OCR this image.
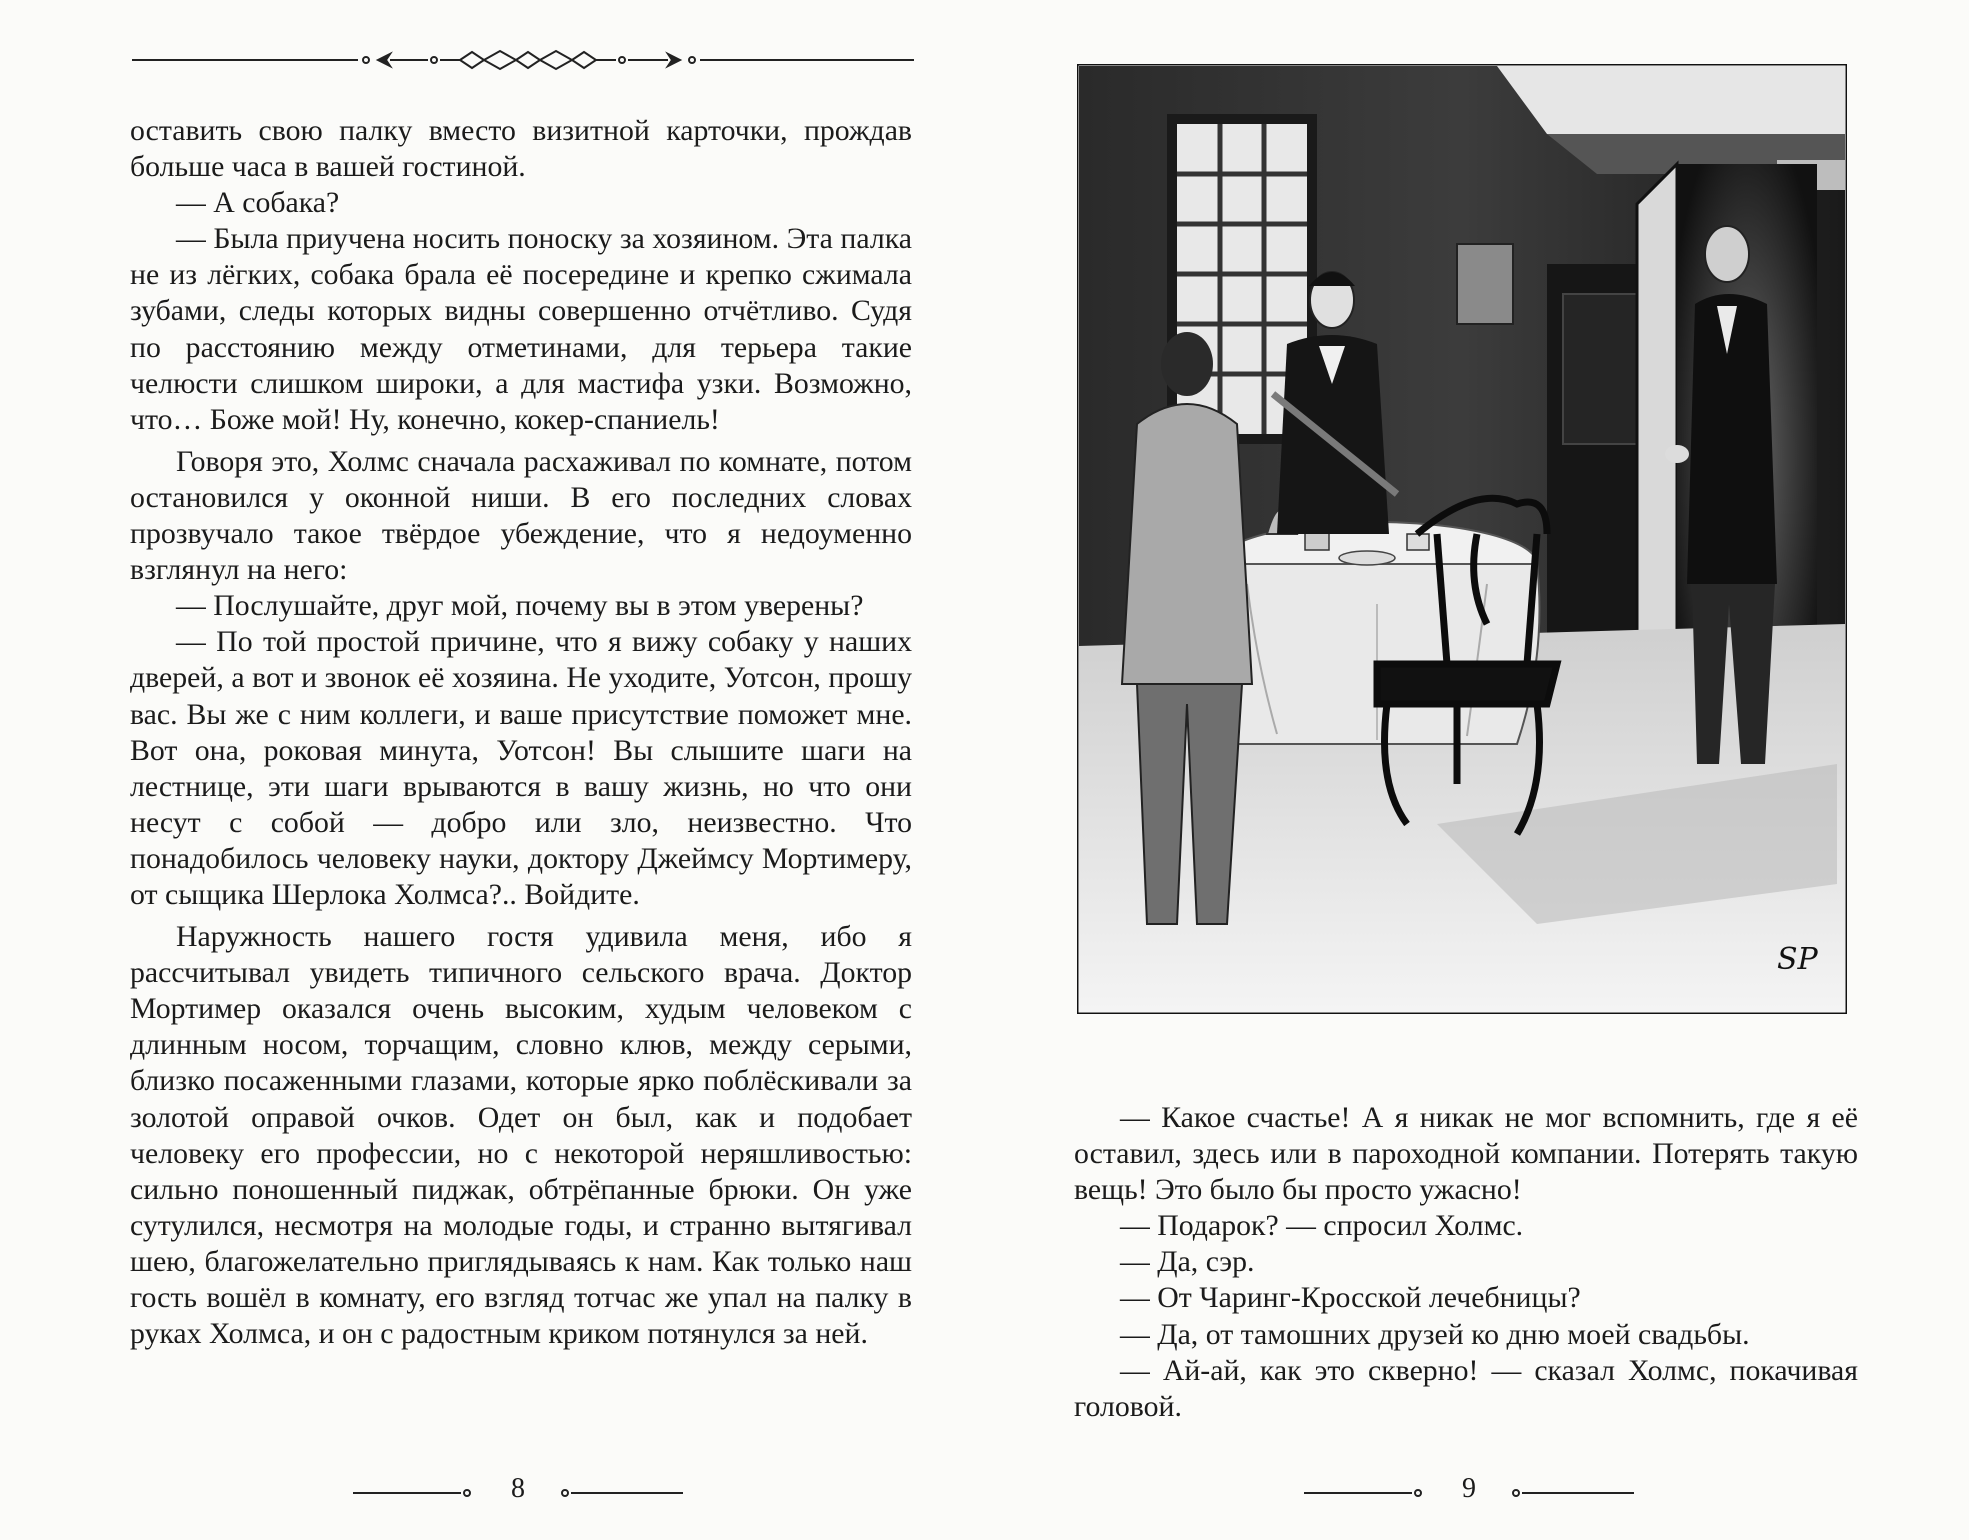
оставить свою палку вместо визитной карточки, прождав больше часа в вашей гостиной.

— А собака?

— Была приучена носить поноску за хозяином. Эта палка не из лёгких, собака брала её посередине и крепко сжимала зубами, следы которых видны совершенно отчётливо. Судя по расстоянию между отметинами, для терьера такие челюсти слишком широки, а для мастифа узки. Возможно, что… Боже мой! Ну, конечно, кокер-спаниель!

Говоря это, Холмс сначала расхаживал по комнате, потом остановился у оконной ниши. В его последних словах прозвучало такое твёрдое убеждение, что я недоуменно взглянул на него:

— Послушайте, друг мой, почему вы в этом уверены?

— По той простой причине, что я вижу собаку у наших дверей, а вот и звонок её хозяина. Не уходите, Уотсон, прошу вас. Вы же с ним коллеги, и ваше присутствие поможет мне. Вот она, роковая минута, Уотсон! Вы слышите шаги на лестнице, эти шаги врываются в вашу жизнь, но что они несут с собой — добро или зло, неизвестно. Что понадобилось человеку науки, доктору Джеймсу Мортимеру, от сыщика Шерлока Холмса?.. Войдите.

Наружность нашего гостя удивила меня, ибо я рассчитывал увидеть типичного сельского врача. Доктор Мортимер оказался очень высоким, худым человеком с длинным носом, торчащим, словно клюв, между серыми, близко посаженными глазами, которые ярко поблёскивали за золотой оправой очков. Одет он был, как и подобает человеку его профессии, но с некоторой неряшливостью: сильно поношенный пиджак, обтрёпанные брюки. Он уже сутулился, несмотря на молодые годы, и странно вытягивал шею, благожелательно приглядываясь к нам. Как только наш гость вошёл в комнату, его взгляд тотчас же упал на палку в руках Холмса, и он с радостным криком потянулся за ней.

8
SP

— Какое счастье! А я никак не мог вспомнить, где я её оставил, здесь или в пароходной компании. Потерять такую вещь! Это было бы просто ужасно!

— Подарок? — спросил Холмс.

— Да, сэр.

— От Чаринг-Кросской лечебницы?

— Да, от тамошних друзей ко дню моей свадьбы.

— Ай-ай, как это скверно! — сказал Холмс, покачивая головой.

9
